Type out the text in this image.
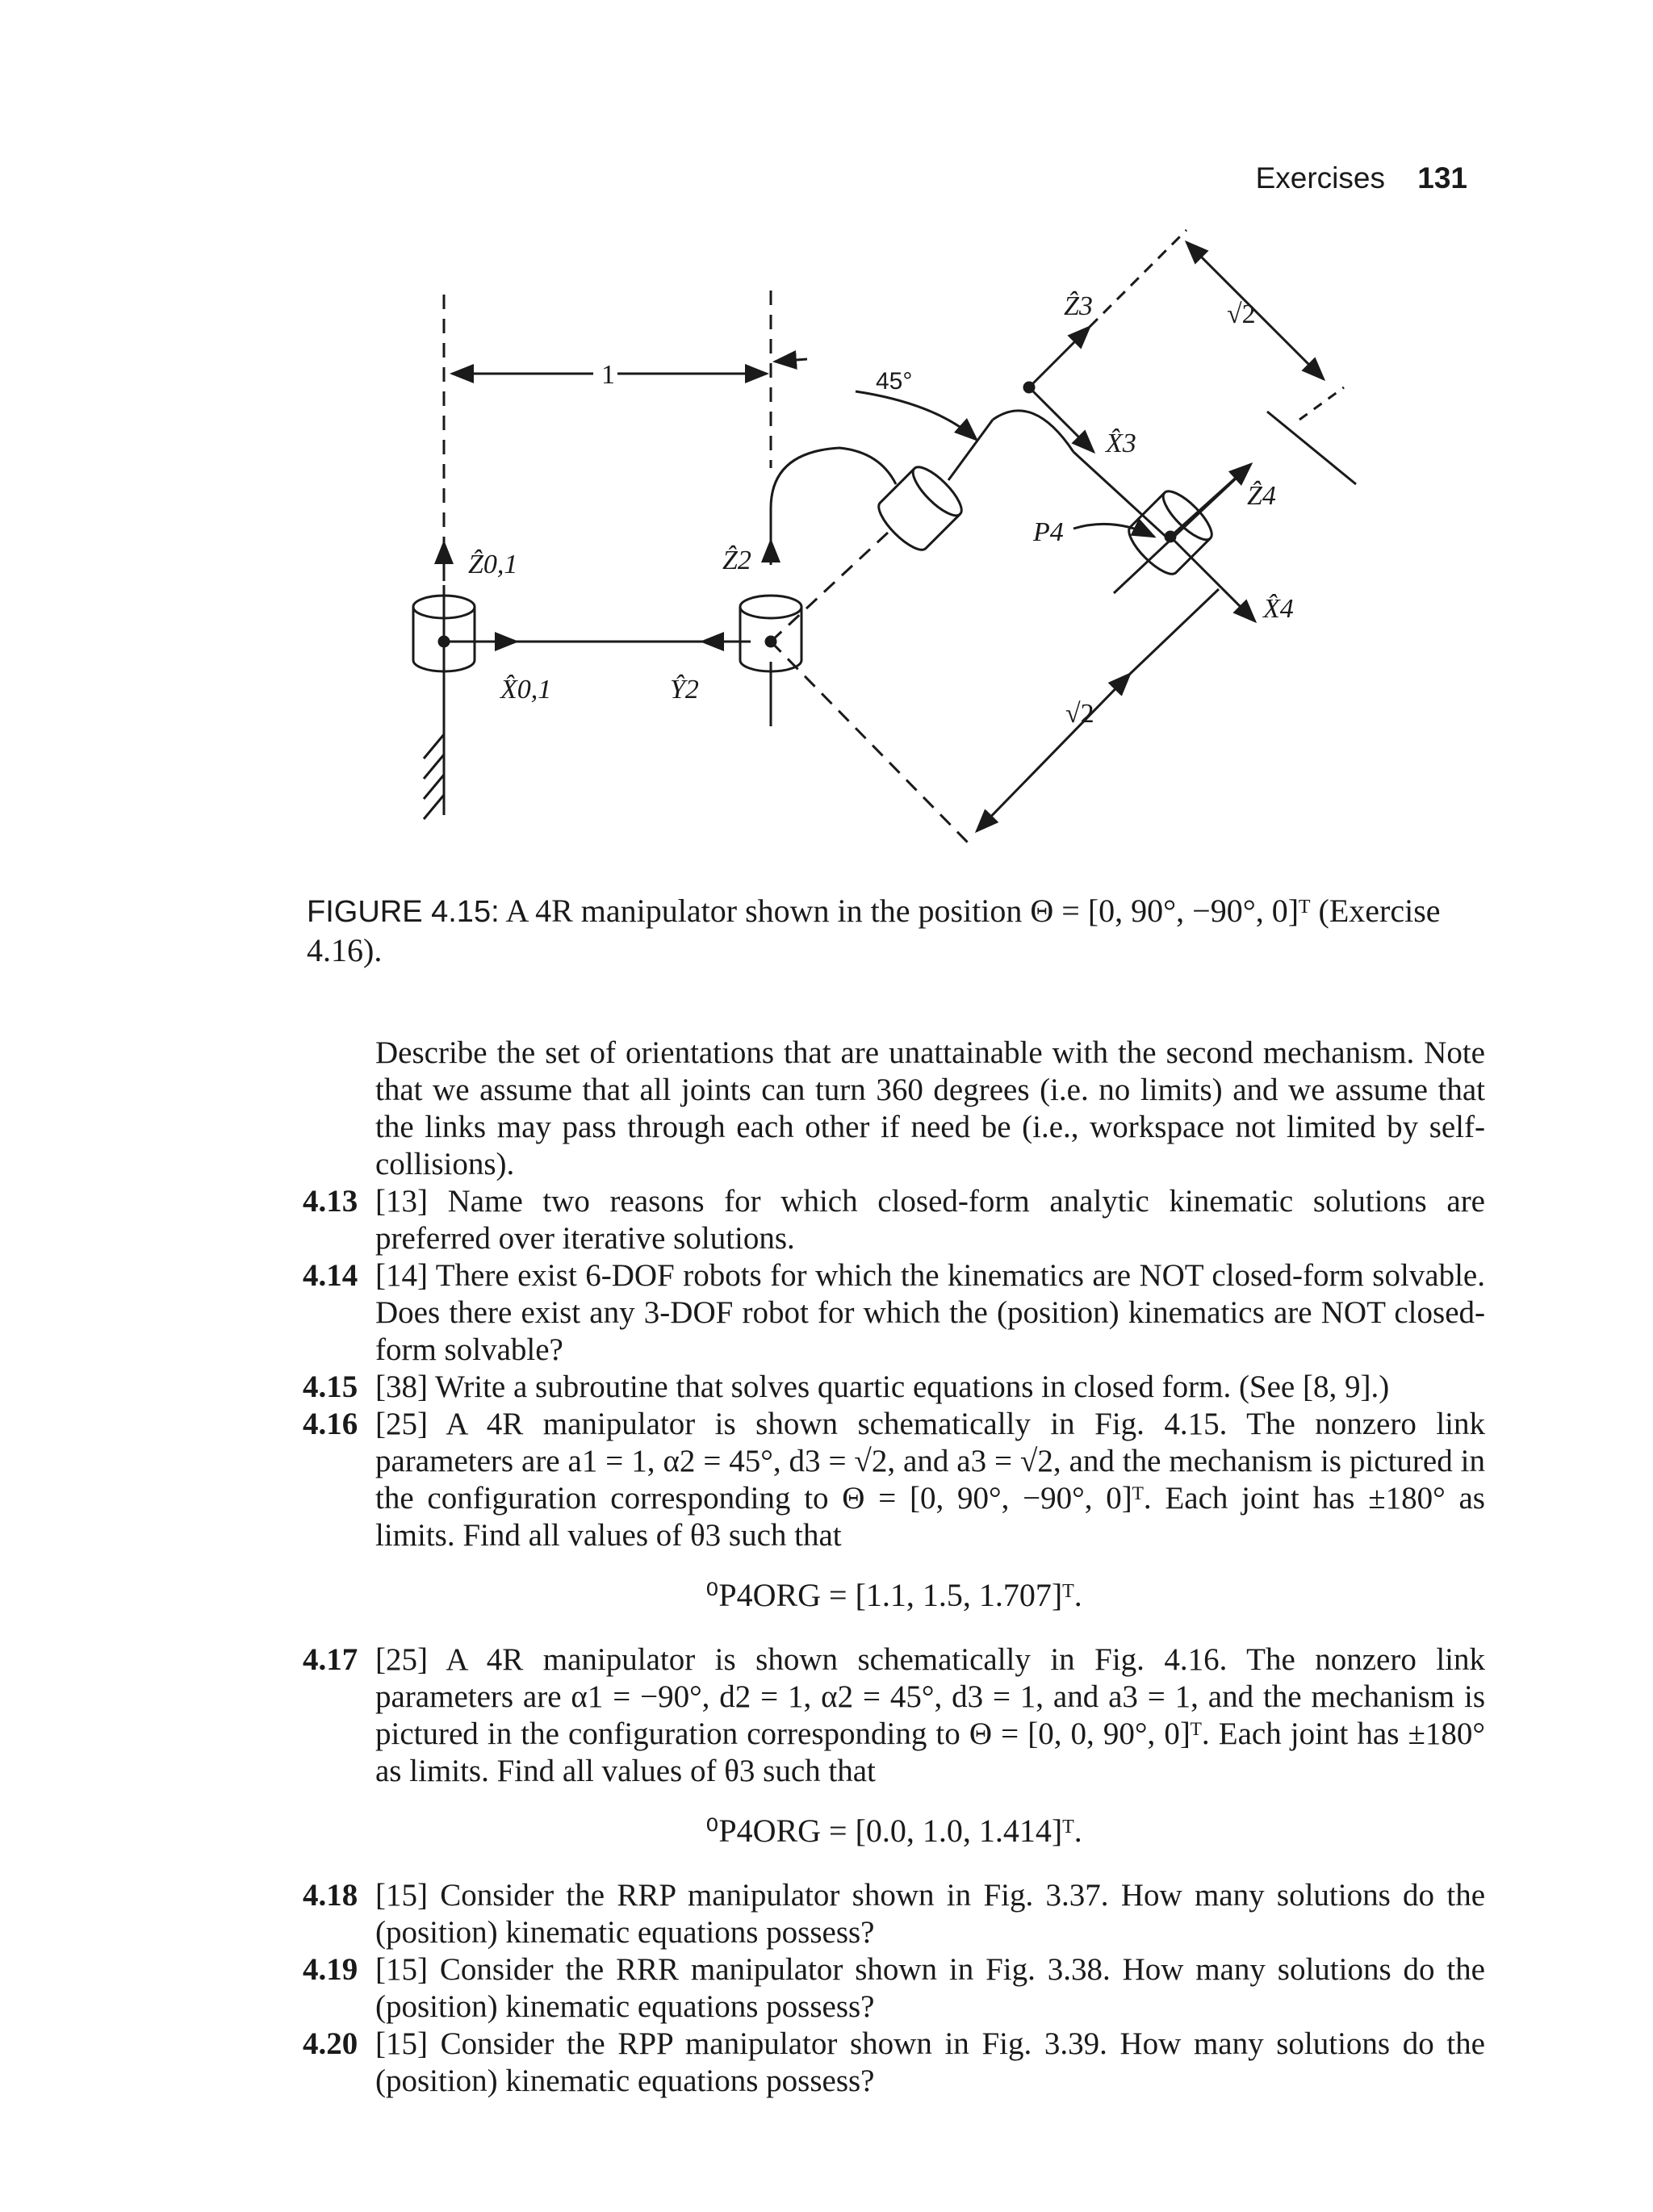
Exercises 131
1	45°
Ẑ0,1
X̂0,1
Ẑ2
Ŷ2
Ẑ3
X̂3
Ẑ4
X̂4
P4
√2
√2
FIGURE 4.15: A 4R manipulator shown in the position Θ = [0, 90°, −90°, 0]ᵀ (Exercise 4.16).
Describe the set of orientations that are unattainable with the second mechanism. Note that we assume that all joints can turn 360 degrees (i.e. no limits) and we assume that the links may pass through each other if need be (i.e., workspace not limited by self-collisions).
4.13 [13] Name two reasons for which closed-form analytic kinematic solutions are preferred over iterative solutions.
4.14 [14] There exist 6-DOF robots for which the kinematics are NOT closed-form solvable. Does there exist any 3-DOF robot for which the (position) kinematics are NOT closed-form solvable?
4.15 [38] Write a subroutine that solves quartic equations in closed form. (See [8, 9].)
4.16 [25] A 4R manipulator is shown schematically in Fig. 4.15. The nonzero link parameters are a1 = 1, α2 = 45°, d3 = √2, and a3 = √2, and the mechanism is pictured in the configuration corresponding to Θ = [0, 90°, −90°, 0]ᵀ. Each joint has ±180° as limits. Find all values of θ3 such that
⁰P4ORG = [1.1, 1.5, 1.707]ᵀ.
4.17 [25] A 4R manipulator is shown schematically in Fig. 4.16. The nonzero link parameters are α1 = −90°, d2 = 1, α2 = 45°, d3 = 1, and a3 = 1, and the mechanism is pictured in the configuration corresponding to Θ = [0, 0, 90°, 0]ᵀ. Each joint has ±180° as limits. Find all values of θ3 such that
⁰P4ORG = [0.0, 1.0, 1.414]ᵀ.
4.18 [15] Consider the RRP manipulator shown in Fig. 3.37. How many solutions do the (position) kinematic equations possess?
4.19 [15] Consider the RRR manipulator shown in Fig. 3.38. How many solutions do the (position) kinematic equations possess?
4.20 [15] Consider the RPP manipulator shown in Fig. 3.39. How many solutions do the (position) kinematic equations possess?
